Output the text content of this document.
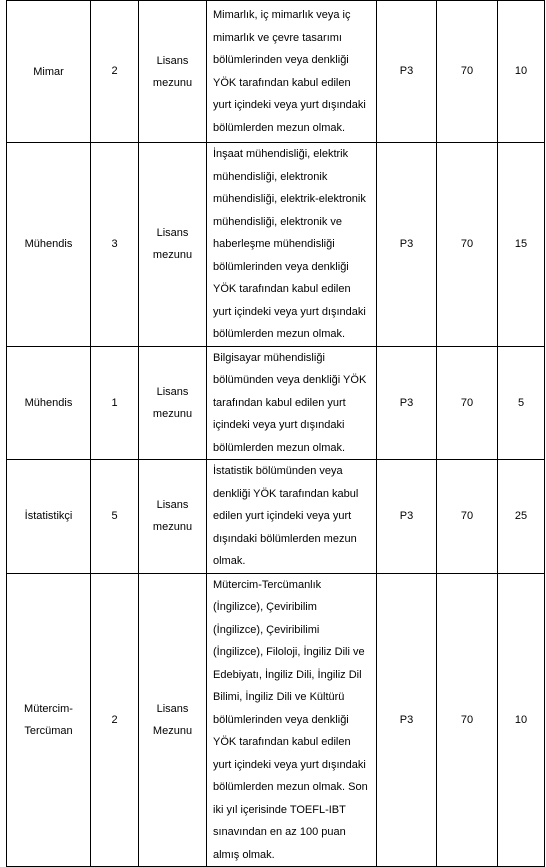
Mimar	2	Lisans mezunu	Mimarlık, iç mimarlık veya iç mimarlık ve çevre tasarımı bölümlerinden veya denkliği YÖK tarafından kabul edilen yurt içindeki veya yurt dışındaki bölümlerden mezun olmak.	P3	70	10
Mühendis	3	Lisans mezunu	İnşaat mühendisliği, elektrik mühendisliği, elektronik mühendisliği, elektrik-elektronik mühendisliği, elektronik ve haberleşme mühendisliği bölümlerinden veya denkliği YÖK tarafından kabul edilen yurt içindeki veya yurt dışındaki bölümlerden mezun olmak.	P3	70	15
Mühendis	1	Lisans mezunu	Bilgisayar mühendisliği bölümünden veya denkliği YÖK tarafından kabul edilen yurt içindeki veya yurt dışındaki bölümlerden mezun olmak.	P3	70	5
İstatistikçi	5	Lisans mezunu	İstatistik bölümünden veya denkliği YÖK tarafından kabul edilen yurt içindeki veya yurt dışındaki bölümlerden mezun olmak.	P3	70	25
Mütercim-Tercüman	2	Lisans Mezunu	Mütercim-Tercümanlık (İngilizce), Çeviribilim (İngilizce), Çeviribilimi (İngilizce), Filoloji, İngiliz Dili ve Edebiyatı, İngiliz Dili, İngiliz Dil Bilimi, İngiliz Dili ve Kültürü bölümlerinden veya denkliği YÖK tarafından kabul edilen yurt içindeki veya yurt dışındaki bölümlerden mezun olmak. Son iki yıl içerisinde TOEFL-IBT sınavından en az 100 puan almış olmak.	P3	70	10
